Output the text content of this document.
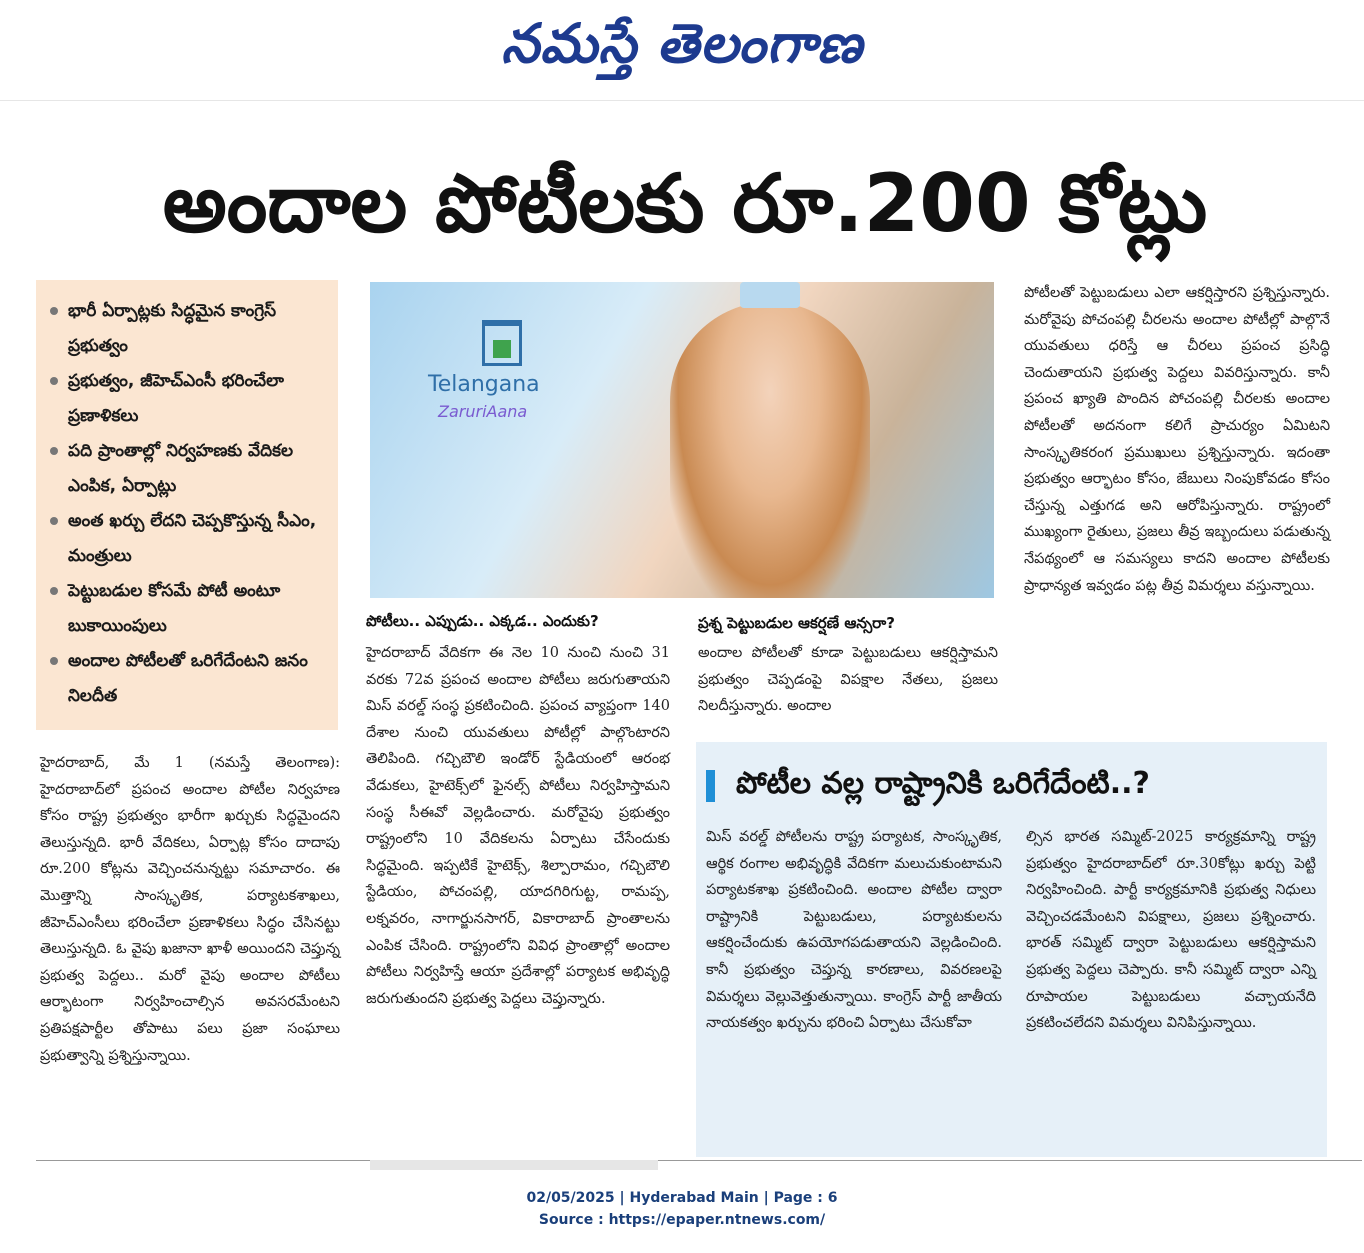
నమస్తే తెలంగాణ
అందాల పోటీలకు రూ.200 కోట్లు
భారీ ఏర్పాట్లకు సిద్ధమైన కాంగ్రెస్ ప్రభుత్వం
ప్రభుత్వం, జీహెచ్ఎంసీ భరించేలా ప్రణాళికలు
పది ప్రాంతాల్లో నిర్వహణకు వేదికల ఎంపిక, ఏర్పాట్లు
అంత ఖర్చు లేదని చెప్పకొస్తున్న సీఎం, మంత్రులు
పెట్టుబడుల కోసమే పోటీ అంటూ బుకాయింపులు
అందాల పోటీలతో ఒరిగేదేంటని జనం నిలదీత
హైదరాబాద్, మే 1 (నమస్తే తెలంగాణ): హైదరాబాద్‌లో ప్రపంచ అందాల పోటీల నిర్వహణ కోసం రాష్ట్ర ప్రభుత్వం భారీగా ఖర్చుకు సిద్ధమైందని తెలుస్తున్నది. భారీ వేదికలు, ఏర్పాట్ల కోసం దాదాపు రూ.200 కోట్లను వెచ్చించనున్నట్టు సమాచారం. ఈ మొత్తాన్ని సాంస్కృతిక, పర్యాటకశాఖలు, జీహెచ్ఎంసీలు భరించేలా ప్రణాళికలు సిద్ధం చేసినట్టు తెలుస్తున్నది. ఓ వైపు ఖజానా ఖాళీ అయిందని చెప్తున్న ప్రభుత్వ పెద్దలు.. మరో వైపు అందాల పోటీలు ఆర్భాటంగా నిర్వహించాల్సిన అవసరమేంటని ప్రతిపక్షపార్టీల తోపాటు పలు ప్రజా సంఘాలు ప్రభుత్వాన్ని ప్రశ్నిస్తున్నాయి.
Telangana
ZaruriAana
పోటీలు.. ఎప్పుడు.. ఎక్కడ.. ఎందుకు?
హైదరాబాద్ వేదికగా ఈ నెల 10 నుంచి నుంచి 31 వరకు 72వ ప్రపంచ అందాల పోటీలు జరుగుతాయని మిస్ వరల్డ్ సంస్థ ప్రకటించింది. ప్రపంచ వ్యాప్తంగా 140 దేశాల నుంచి యువతులు పోటీల్లో పాల్గొంటారని తెలిపింది. గచ్చిబౌలి ఇండోర్ స్టేడియంలో ఆరంభ వేడుకలు, హైటెక్స్‌లో ఫైనల్స్ పోటీలు నిర్వహిస్తామని సంస్థ సీఈవో వెల్లడించారు. మరోవైపు ప్రభుత్వం రాష్ట్రంలోని 10 వేదికలను ఏర్పాటు చేసేందుకు సిద్ధమైంది. ఇప్పటికే హైటెక్స్, శిల్పారామం, గచ్చిబౌలి స్టేడియం, పోచంపల్లి, యాదగిరిగుట్ట, రామప్ప, లక్నవరం, నాగార్జునసాగర్, వికారాబాద్ ప్రాంతాలను ఎంపిక చేసింది. రాష్ట్రంలోని వివిధ ప్రాంతాల్లో అందాల పోటీలు నిర్వహిస్తే ఆయా ప్రదేశాల్లో పర్యాటక అభివృద్ధి జరుగుతుందని ప్రభుత్వ పెద్దలు చెప్తున్నారు.
ప్రశ్న పెట్టుబడుల ఆకర్షణే ఆన్సరా?
అందాల పోటీలతో కూడా పెట్టుబడులు ఆకర్షిస్తామని ప్రభుత్వం చెప్పడంపై విపక్షాల నేతలు, ప్రజలు నిలదీస్తున్నారు. అందాల
పోటీలతో పెట్టుబడులు ఎలా ఆకర్షిస్తారని ప్రశ్నిస్తున్నారు. మరోవైపు పోచంపల్లి చీరలను అందాల పోటీల్లో పాల్గొనే యువతులు ధరిస్తే ఆ చీరలు ప్రపంచ ప్రసిద్ధి చెందుతాయని ప్రభుత్వ పెద్దలు వివరిస్తున్నారు. కానీ ప్రపంచ ఖ్యాతి పొందిన పోచంపల్లి చీరలకు అందాల పోటీలతో అదనంగా కలిగే ప్రాచుర్యం ఏమిటని సాంస్కృతికరంగ ప్రముఖులు ప్రశ్నిస్తున్నారు. ఇదంతా ప్రభుత్వం ఆర్భాటం కోసం, జేబులు నింపుకోవడం కోసం చేస్తున్న ఎత్తుగడ అని ఆరోపిస్తున్నారు. రాష్ట్రంలో ముఖ్యంగా రైతులు, ప్రజలు తీవ్ర ఇబ్బందులు పడుతున్న నేపథ్యంలో ఆ సమస్యలు కాదని అందాల పోటీలకు ప్రాధాన్యత ఇవ్వడం పట్ల తీవ్ర విమర్శలు వస్తున్నాయి.
పోటీల వల్ల రాష్ట్రానికి ఒరిగేదేంటి..?
మిస్ వరల్డ్ పోటీలను రాష్ట్ర పర్యాటక, సాంస్కృతిక, ఆర్థిక రంగాల అభివృద్ధికి వేదికగా మలుచుకుంటామని పర్యాటకశాఖ ప్రకటించింది. అందాల పోటీల ద్వారా రాష్ట్రానికి పెట్టుబడులు, పర్యాటకులను ఆకర్షించేందుకు ఉపయోగపడుతాయని వెల్లడించింది. కానీ ప్రభుత్వం చెప్తున్న కారణాలు, వివరణలపై విమర్శలు వెల్లువెత్తుతున్నాయి. కాంగ్రెస్ పార్టీ జాతీయ నాయకత్వం ఖర్చును భరించి ఏర్పాటు చేసుకోవా
ల్సిన భారత సమ్మిట్-2025 కార్యక్రమాన్ని రాష్ట్ర ప్రభుత్వం హైదరాబాద్‌లో రూ.30కోట్లు ఖర్చు పెట్టి నిర్వహించింది. పార్టీ కార్యక్రమానికి ప్రభుత్వ నిధులు వెచ్చించడమేంటని విపక్షాలు, ప్రజలు ప్రశ్నించారు. భారత్ సమ్మిట్ ద్వారా పెట్టుబడులు ఆకర్షిస్తామని ప్రభుత్వ పెద్దలు చెప్పారు. కానీ సమ్మిట్ ద్వారా ఎన్ని రూపాయల పెట్టుబడులు వచ్చాయనేది ప్రకటించలేదని విమర్శలు వినిపిస్తున్నాయి.
02/05/2025 | Hyderabad Main | Page : 6
Source : https://epaper.ntnews.com/
